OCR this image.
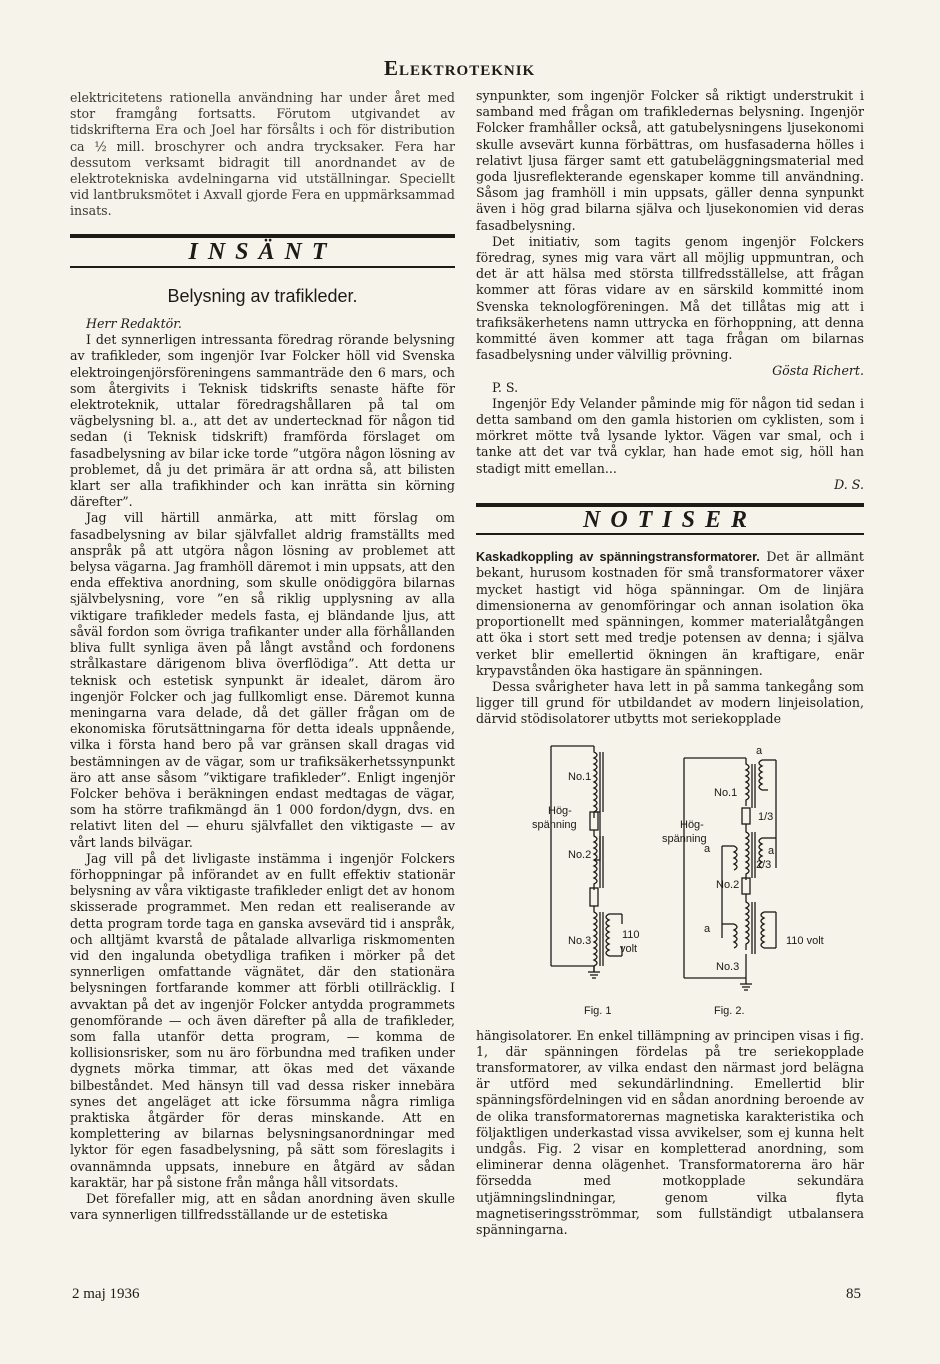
Elektroteknik

elektricitetens rationella användning har under året med stor framgång fortsatts. Förutom utgivandet av tidskrifterna Era och Joel har försålts i och för distribution ca ½ mill. broschyrer och andra trycksaker. Fera har dessutom verksamt bidragit till anordnandet av de elektrotekniska avdelningarna vid utställningar. Speciellt vid lantbruksmötet i Axvall gjorde Fera en uppmärksammad insats.

INSÄNT
Belysning av trafikleder.

Herr Redaktör.

I det synnerligen intressanta föredrag rörande belysning av trafikleder, som ingenjör Ivar Folcker höll vid Svenska elektroingenjörsföreningens sammanträde den 6 mars, och som återgivits i Teknisk tidskrifts senaste häfte för elektroteknik, uttalar föredragshållaren på tal om vägbelysning bl. a., att det av undertecknad för någon tid sedan (i Teknisk tidskrift) framförda förslaget om fasadbelysning av bilar icke torde ”utgöra någon lösning av problemet, då ju det primära är att ordna så, att bilisten klart ser alla trafikhinder och kan inrätta sin körning därefter”.

Jag vill härtill anmärka, att mitt förslag om fasadbelysning av bilar självfallet aldrig framställts med anspråk på att utgöra någon lösning av problemet att belysa vägarna. Jag framhöll däremot i min uppsats, att den enda effektiva anordning, som skulle onödiggöra bilarnas självbelysning, vore ”en så riklig upplysning av alla viktigare trafikleder medels fasta, ej bländande ljus, att såväl fordon som övriga trafikanter under alla förhållanden bliva fullt synliga även på långt avstånd och fordonens strålkastare därigenom bliva överflödiga”. Att detta ur teknisk och estetisk synpunkt är idealet, därom äro ingenjör Folcker och jag fullkomligt ense. Däremot kunna meningarna vara delade, då det gäller frågan om de ekonomiska förutsättningarna för detta ideals uppnående, vilka i första hand bero på var gränsen skall dragas vid bestämningen av de vägar, som ur trafiksäkerhetssynpunkt äro att anse såsom ”viktigare trafikleder”. Enligt ingenjör Folcker behöva i beräkningen endast medtagas de vägar, som ha större trafikmängd än 1 000 fordon/dygn, dvs. en relativt liten del — ehuru självfallet den viktigaste — av vårt lands bilvägar.

Jag vill på det livligaste instämma i ingenjör Folckers förhoppningar på införandet av en fullt effektiv stationär belysning av våra viktigaste trafikleder enligt det av honom skisserade programmet. Men redan ett realiserande av detta program torde taga en ganska avsevärd tid i anspråk, och alltjämt kvarstå de påtalade allvarliga riskmomenten vid den ingalunda obetydliga trafiken i mörker på det synnerligen omfattande vägnätet, där den stationära belysningen fortfarande kommer att förbli otillräcklig. I avvaktan på det av ingenjör Folcker antydda programmets genomförande — och även därefter på alla de trafikleder, som falla utanför detta program, — komma de kollisionsrisker, som nu äro förbundna med trafiken under dygnets mörka timmar, att ökas med det växande bilbeståndet. Med hänsyn till vad dessa risker innebära synes det angeläget att icke försumma några rimliga praktiska åtgärder för deras minskande. Att en komplettering av bilarnas belysningsanordningar med lyktor för egen fasadbelysning, på sätt som föreslagits i ovannämnda uppsats, innebure en åtgärd av sådan karaktär, har på sistone från många håll vitsordats.

Det förefaller mig, att en sådan anordning även skulle vara synnerligen tillfredsställande ur de estetiska

synpunkter, som ingenjör Folcker så riktigt understrukit i samband med frågan om trafikledernas belysning. Ingenjör Folcker framhåller också, att gatubelysningens ljusekonomi skulle avsevärt kunna förbättras, om husfasaderna hölles i relativt ljusa färger samt ett gatubeläggningsmaterial med goda ljusreflekterande egenskaper komme till användning. Såsom jag framhöll i min uppsats, gäller denna synpunkt även i hög grad bilarna själva och ljusekonomien vid deras fasadbelysning.

Det initiativ, som tagits genom ingenjör Folckers föredrag, synes mig vara värt all möjlig uppmuntran, och det är att hälsa med största tillfredsställelse, att frågan kommer att föras vidare av en särskild kommitté inom Svenska teknologföreningen. Må det tillåtas mig att i trafiksäkerhetens namn uttrycka en förhoppning, att denna kommitté även kommer att taga frågan om bilarnas fasadbelysning under välvillig prövning.

Gösta Richert.

P. S.

Ingenjör Edy Velander påminde mig för någon tid sedan i detta samband om den gamla historien om cyklisten, som i mörkret mötte två lysande lyktor. Vägen var smal, och i tanke att det var två cyklar, han hade emot sig, höll han stadigt mitt emellan...

D. S.

NOTISER

Kaskadkoppling av spänningstransformatorer. Det är allmänt bekant, hurusom kostnaden för små transformatorer växer mycket hastigt vid höga spänningar. Om de linjära dimensionerna av genomföringar och annan isolation öka proportionellt med spänningen, kommer materialåtgången att öka i stort sett med tredje potensen av denna; i själva verket blir emellertid ökningen än kraftigare, enär krypavstånden öka hastigare än spänningen.

Dessa svårigheter hava lett in på samma tankegång som ligger till grund för utbildandet av modern linjeisolation, därvid stödisolatorer utbytts mot seriekopplade

No.1
No.2
No.3
Hög-
spänning
110
volt
No.1
No.2
No.3
Hög-
spänning
110 volt
1/3
2/3
a
a
a
a
Fig. 1	Fig. 2.

hängisolatorer. En enkel tillämpning av principen visas i fig. 1, där spänningen fördelas på tre seriekopplade transformatorer, av vilka endast den närmast jord belägna är utförd med sekundärlindning. Emellertid blir spänningsfördelningen vid en sådan anordning beroende av de olika transformatorernas magnetiska karakteristika och följaktligen underkastad vissa avvikelser, som ej kunna helt undgås. Fig. 2 visar en kompletterad anordning, som eliminerar denna olägenhet. Transformatorerna äro här försedda med motkopplade sekundära utjämningslindningar, genom vilka flyta magnetiseringsströmmar, som fullständigt utbalansera spänningarna.

2 maj 1936	85
